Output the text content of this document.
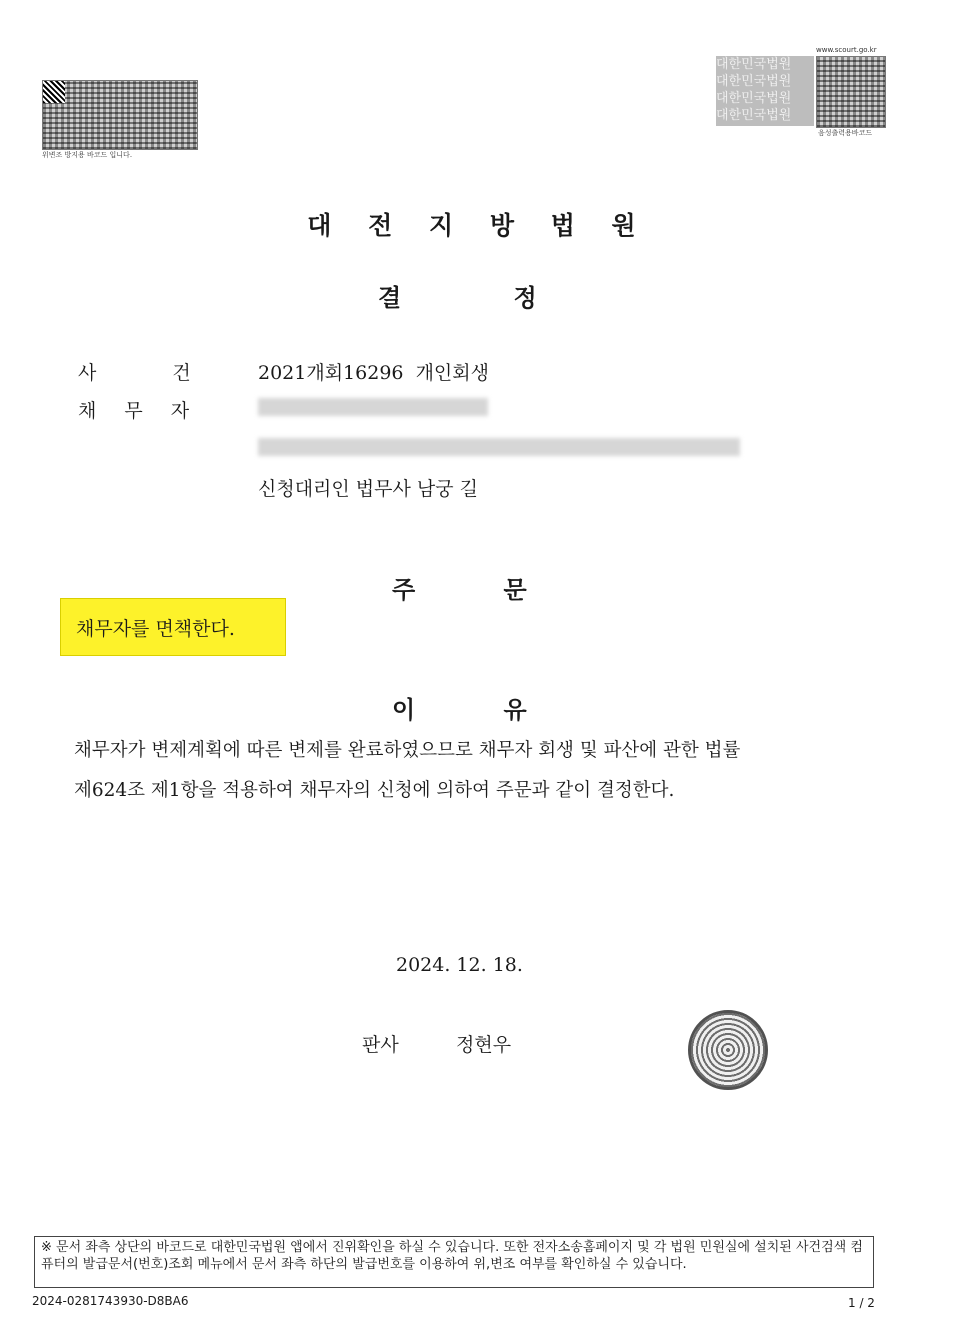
위변조 방지용 바코드 입니다.
www.scourt.go.kr
대한민국법원
대한민국법원
대한민국법원
대한민국법원
음성출력용바코드
대 전 지 방 법 원
결 정
사 건	2021개회16296  개인회생
채 무 자
신청대리인 법무사 남궁 길
주 문
채무자를 면책한다.
이 유
채무자가 변제계획에 따른 변제를 완료하였으므로 채무자 회생 및 파산에 관한 법률
제624조 제1항을 적용하여 채무자의 신청에 의하여 주문과 같이 결정한다.
2024. 12. 18.
판사	정현우
※ 문서 좌측 상단의 바코드로 대한민국법원 앱에서 진위확인을 하실 수 있습니다. 또한 전자소송홈페이지 및 각 법원 민원실에 설치된 사건검색 컴퓨터의 발급문서(번호)조회 메뉴에서 문서 좌측 하단의 발급번호를 이용하여 위,변조 여부를 확인하실 수 있습니다.
2024-0281743930-D8BA6	1 / 2
